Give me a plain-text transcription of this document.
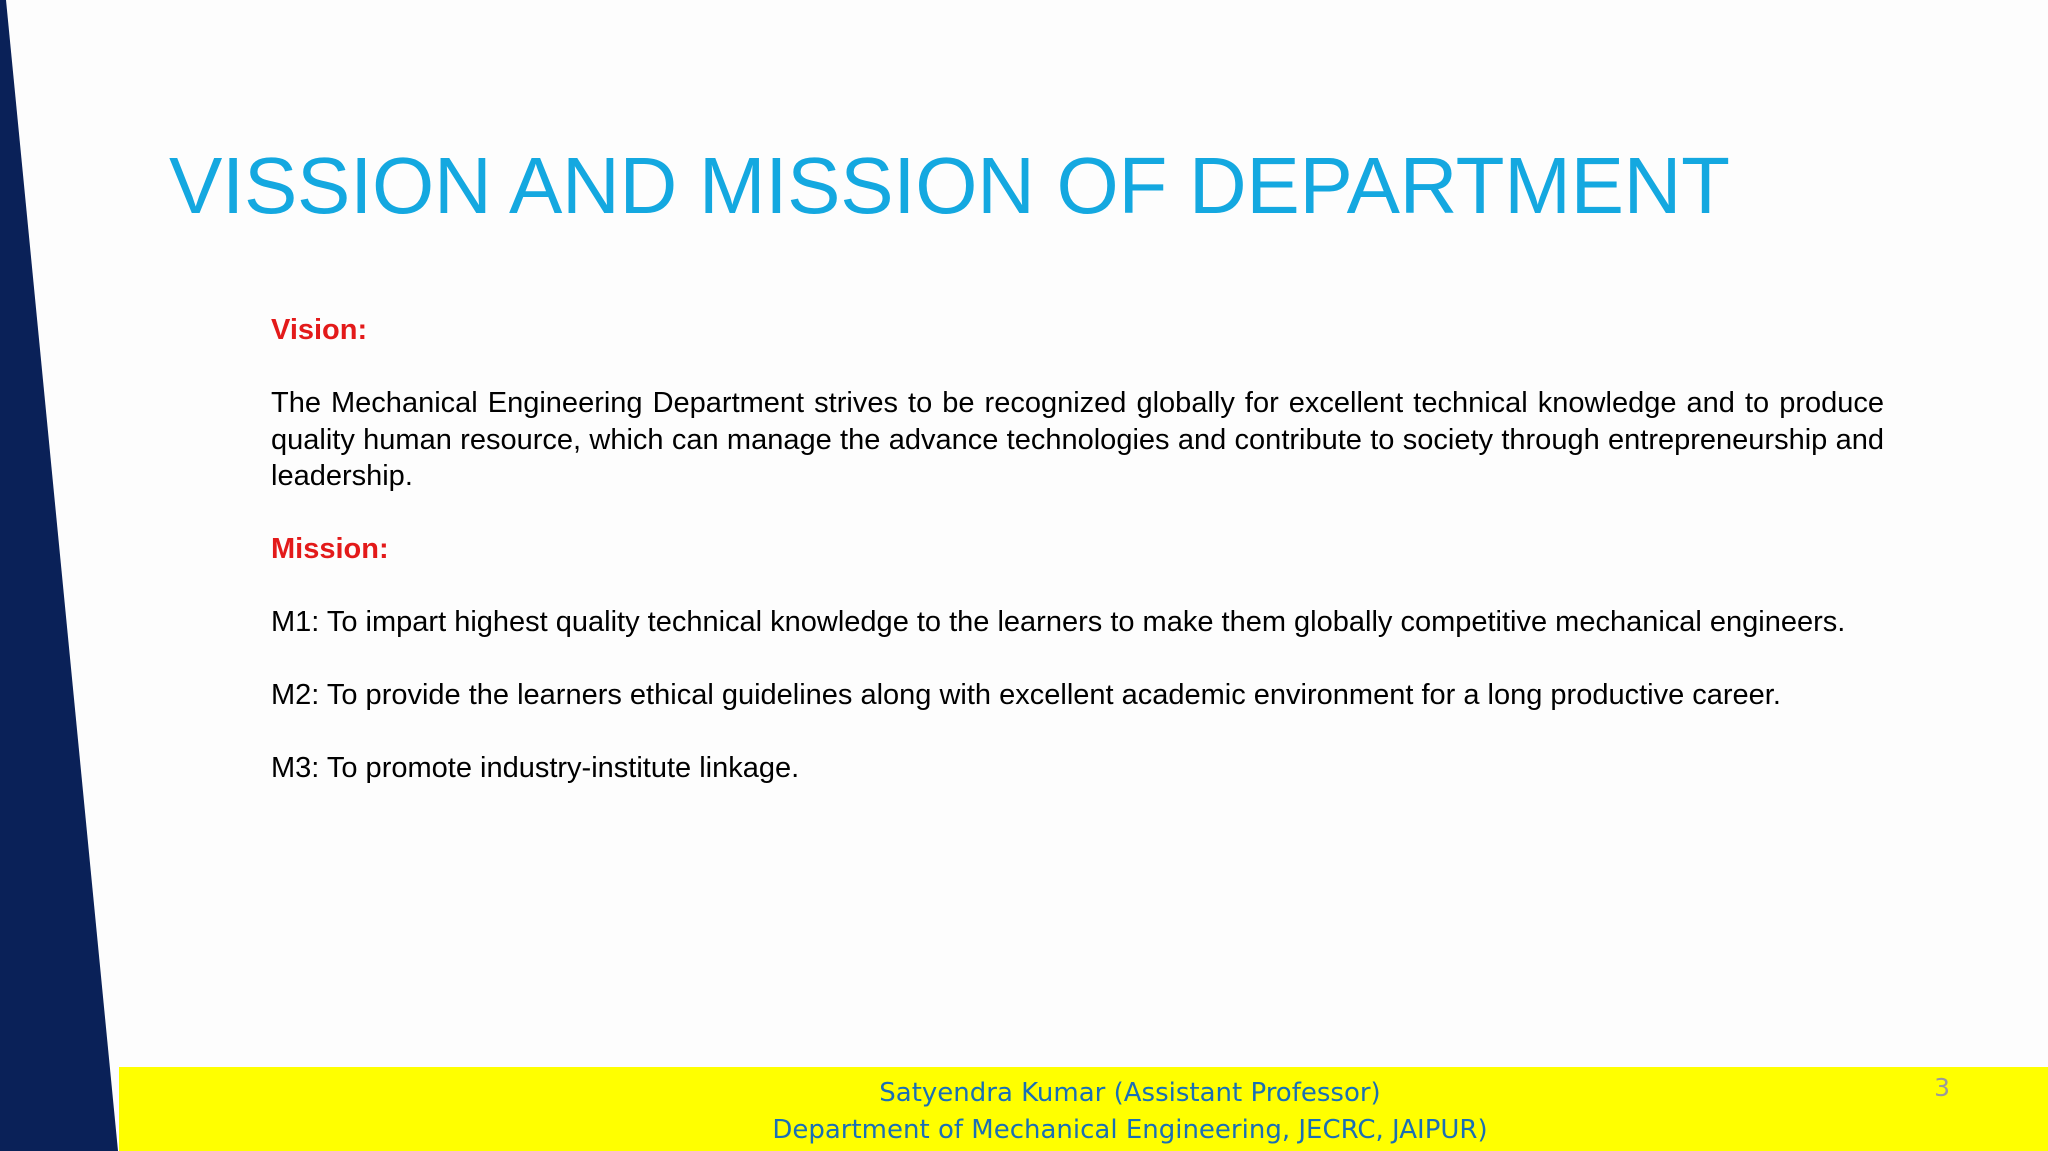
VISSION AND MISSION OF DEPARTMENT

Vision:

The Mechanical Engineering Department strives to be recognized globally for excellent technical knowledge and to produce quality human resource, which can manage the advance technologies and contribute to society through entrepreneurship and leadership.

Mission:

M1: To impart highest quality technical knowledge to the learners to make them globally competitive mechanical engineers.

M2: To provide the learners ethical guidelines along with excellent academic environment for a long productive career.

M3: To promote industry-institute linkage.

Satyendra Kumar (Assistant Professor)
Department of Mechanical Engineering, JECRC, JAIPUR)
3
